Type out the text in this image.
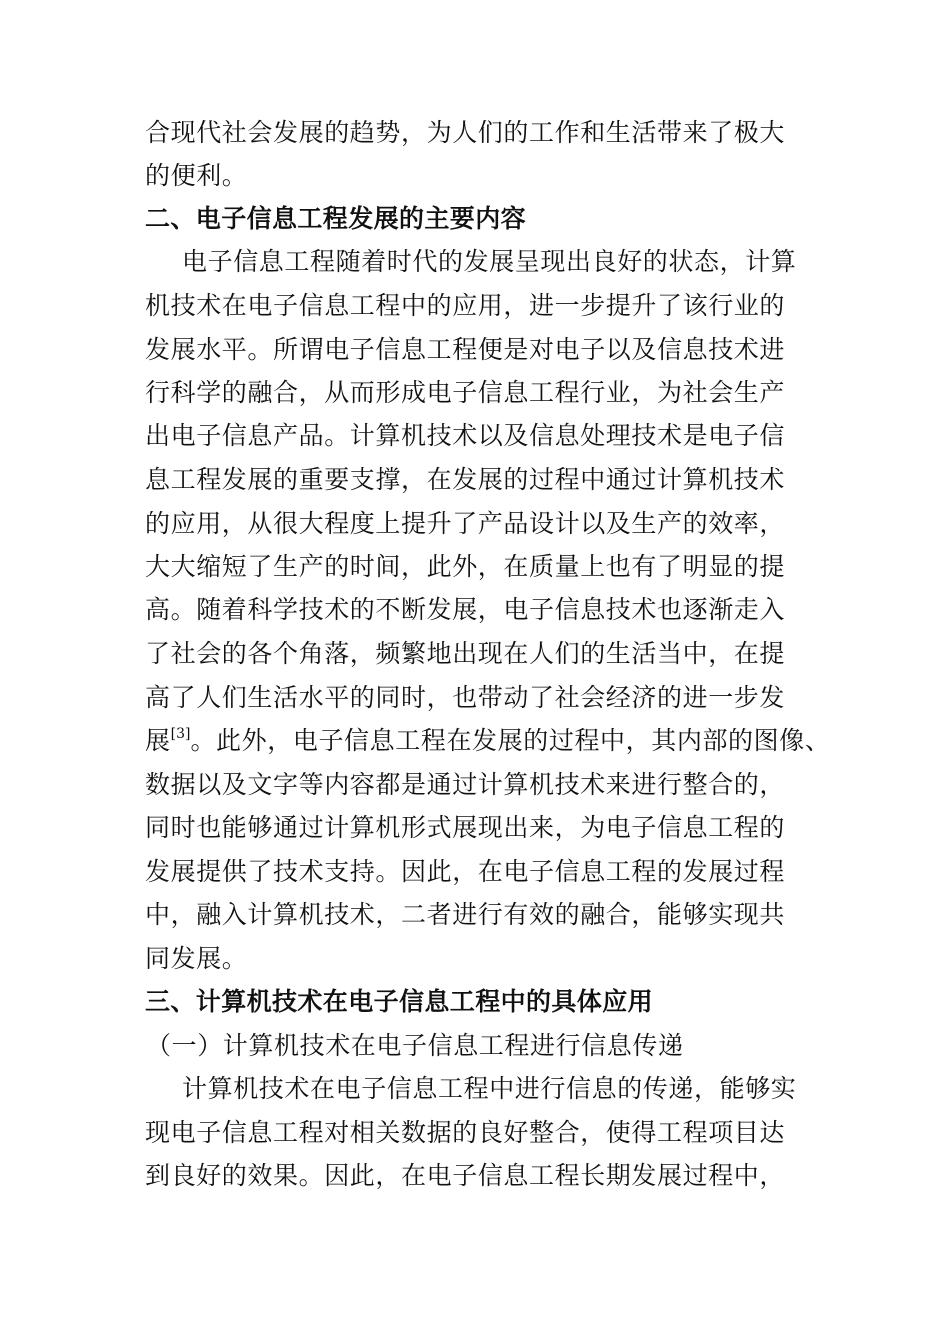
合现代社会发展的趋势，为人们的工作和生活带来了极大
的便利。
二、电子信息工程发展的主要内容
电子信息工程随着时代的发展呈现出良好的状态，计算
机技术在电子信息工程中的应用，进一步提升了该行业的
发展水平。所谓电子信息工程便是对电子以及信息技术进
行科学的融合，从而形成电子信息工程行业，为社会生产
出电子信息产品。计算机技术以及信息处理技术是电子信
息工程发展的重要支撑，在发展的过程中通过计算机技术
的应用，从很大程度上提升了产品设计以及生产的效率，
大大缩短了生产的时间，此外，在质量上也有了明显的提
高。随着科学技术的不断发展，电子信息技术也逐渐走入
了社会的各个角落，频繁地出现在人们的生活当中，在提
高了人们生活水平的同时，也带动了社会经济的进一步发
展[3]。此外，电子信息工程在发展的过程中，其内部的图像、
数据以及文字等内容都是通过计算机技术来进行整合的，
同时也能够通过计算机形式展现出来，为电子信息工程的
发展提供了技术支持。因此，在电子信息工程的发展过程
中，融入计算机技术，二者进行有效的融合，能够实现共
同发展。
三、计算机技术在电子信息工程中的具体应用
（一）计算机技术在电子信息工程进行信息传递
计算机技术在电子信息工程中进行信息的传递，能够实
现电子信息工程对相关数据的良好整合，使得工程项目达
到良好的效果。因此，在电子信息工程长期发展过程中，
